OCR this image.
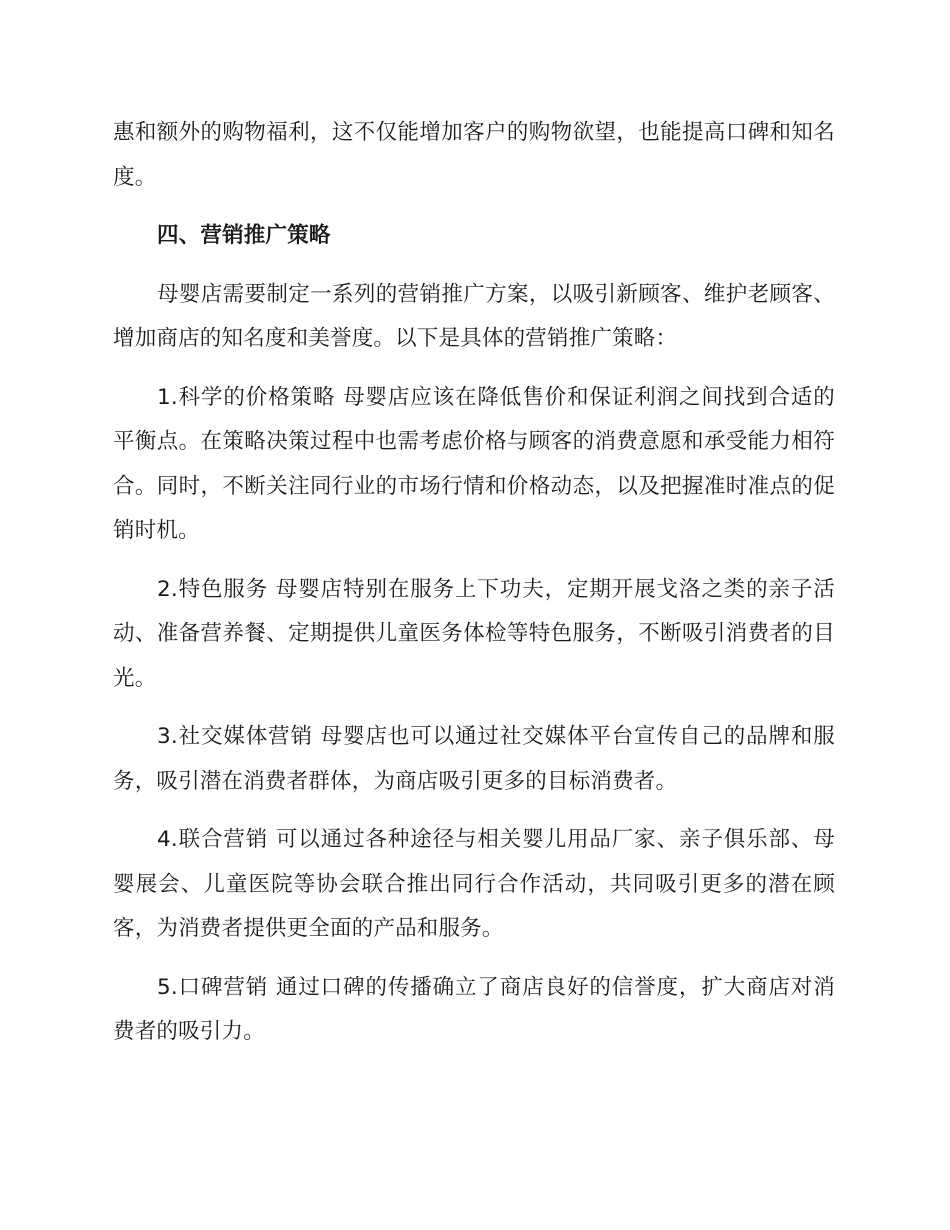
惠和额外的购物福利，这不仅能增加客户的购物欲望，也能提高口碑和知名度。

四、营销推广策略

母婴店需要制定一系列的营销推广方案，以吸引新顾客、维护老顾客、增加商店的知名度和美誉度。以下是具体的营销推广策略：

1.科学的价格策略 母婴店应该在降低售价和保证利润之间找到合适的平衡点。在策略决策过程中也需考虑价格与顾客的消费意愿和承受能力相符合。同时，不断关注同行业的市场行情和价格动态，以及把握准时准点的促销时机。

2.特色服务 母婴店特别在服务上下功夫，定期开展戈洛之类的亲子活动、准备营养餐、定期提供儿童医务体检等特色服务，不断吸引消费者的目光。

3.社交媒体营销 母婴店也可以通过社交媒体平台宣传自己的品牌和服务，吸引潜在消费者群体，为商店吸引更多的目标消费者。

4.联合营销 可以通过各种途径与相关婴儿用品厂家、亲子俱乐部、母婴展会、儿童医院等协会联合推出同行合作活动，共同吸引更多的潜在顾客，为消费者提供更全面的产品和服务。

5.口碑营销 通过口碑的传播确立了商店良好的信誉度，扩大商店对消费者的吸引力。
